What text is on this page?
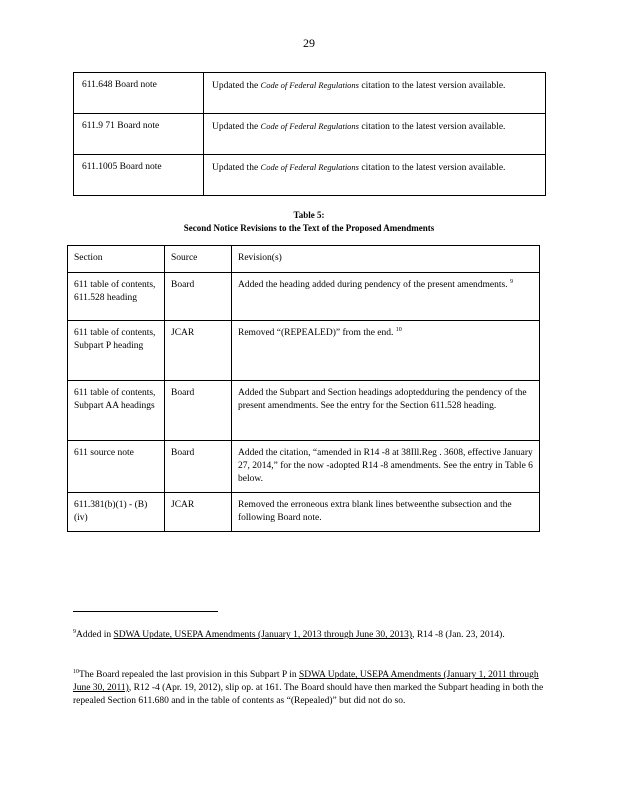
29
611.648 Board note	Updated the Code of Federal Regulations citation to the latest version available.
611.9 71 Board note	Updated the Code of Federal Regulations citation to the latest version available.
611.1005 Board note	Updated the Code of Federal Regulations citation to the latest version available.
Table 5:
Second Notice Revisions to the Text of the Proposed Amendments
Section	Source	Revision(s)
611 table of contents, 611.528 heading	Board	Added the heading added during pendency of the present amendments. $^9$
611 table of contents, Subpart P heading	JCAR	Removed “(REPEALED)” from the end. $^{10}$
611 table of contents, Subpart AA headings	Board	Added the Subpart and Section headings adoptedduring the pendency of the present amendments. See the entry for the Section 611.528 heading.
611 source note	Board	Added the citation, “amended in R14 -8 at 38Ill.Reg . 3608, effective January 27, 2014,” for the now -adopted R14 -8 amendments. See the entry in Table 6 below.
611.381(b)(1) - (B)(iv)	JCAR	Removed the erroneous extra blank lines betweenthe subsection and the following Board note.
$^9$Added in SDWA Update, USEPA Amendments (January 1, 2013 through June 30, 2013), R14 -8 (Jan. 23, 2014).
$^{10}$The Board repealed the last provision in this Subpart P in SDWA Update, USEPA Amendments (January 1, 2011 through June 30, 2011), R12 -4 (Apr. 19, 2012), slip op. at 161. The Board should have then marked the Subpart heading in both the repealed Section 611.680 and in the table of contents as “(Repealed)” but did not do so.
